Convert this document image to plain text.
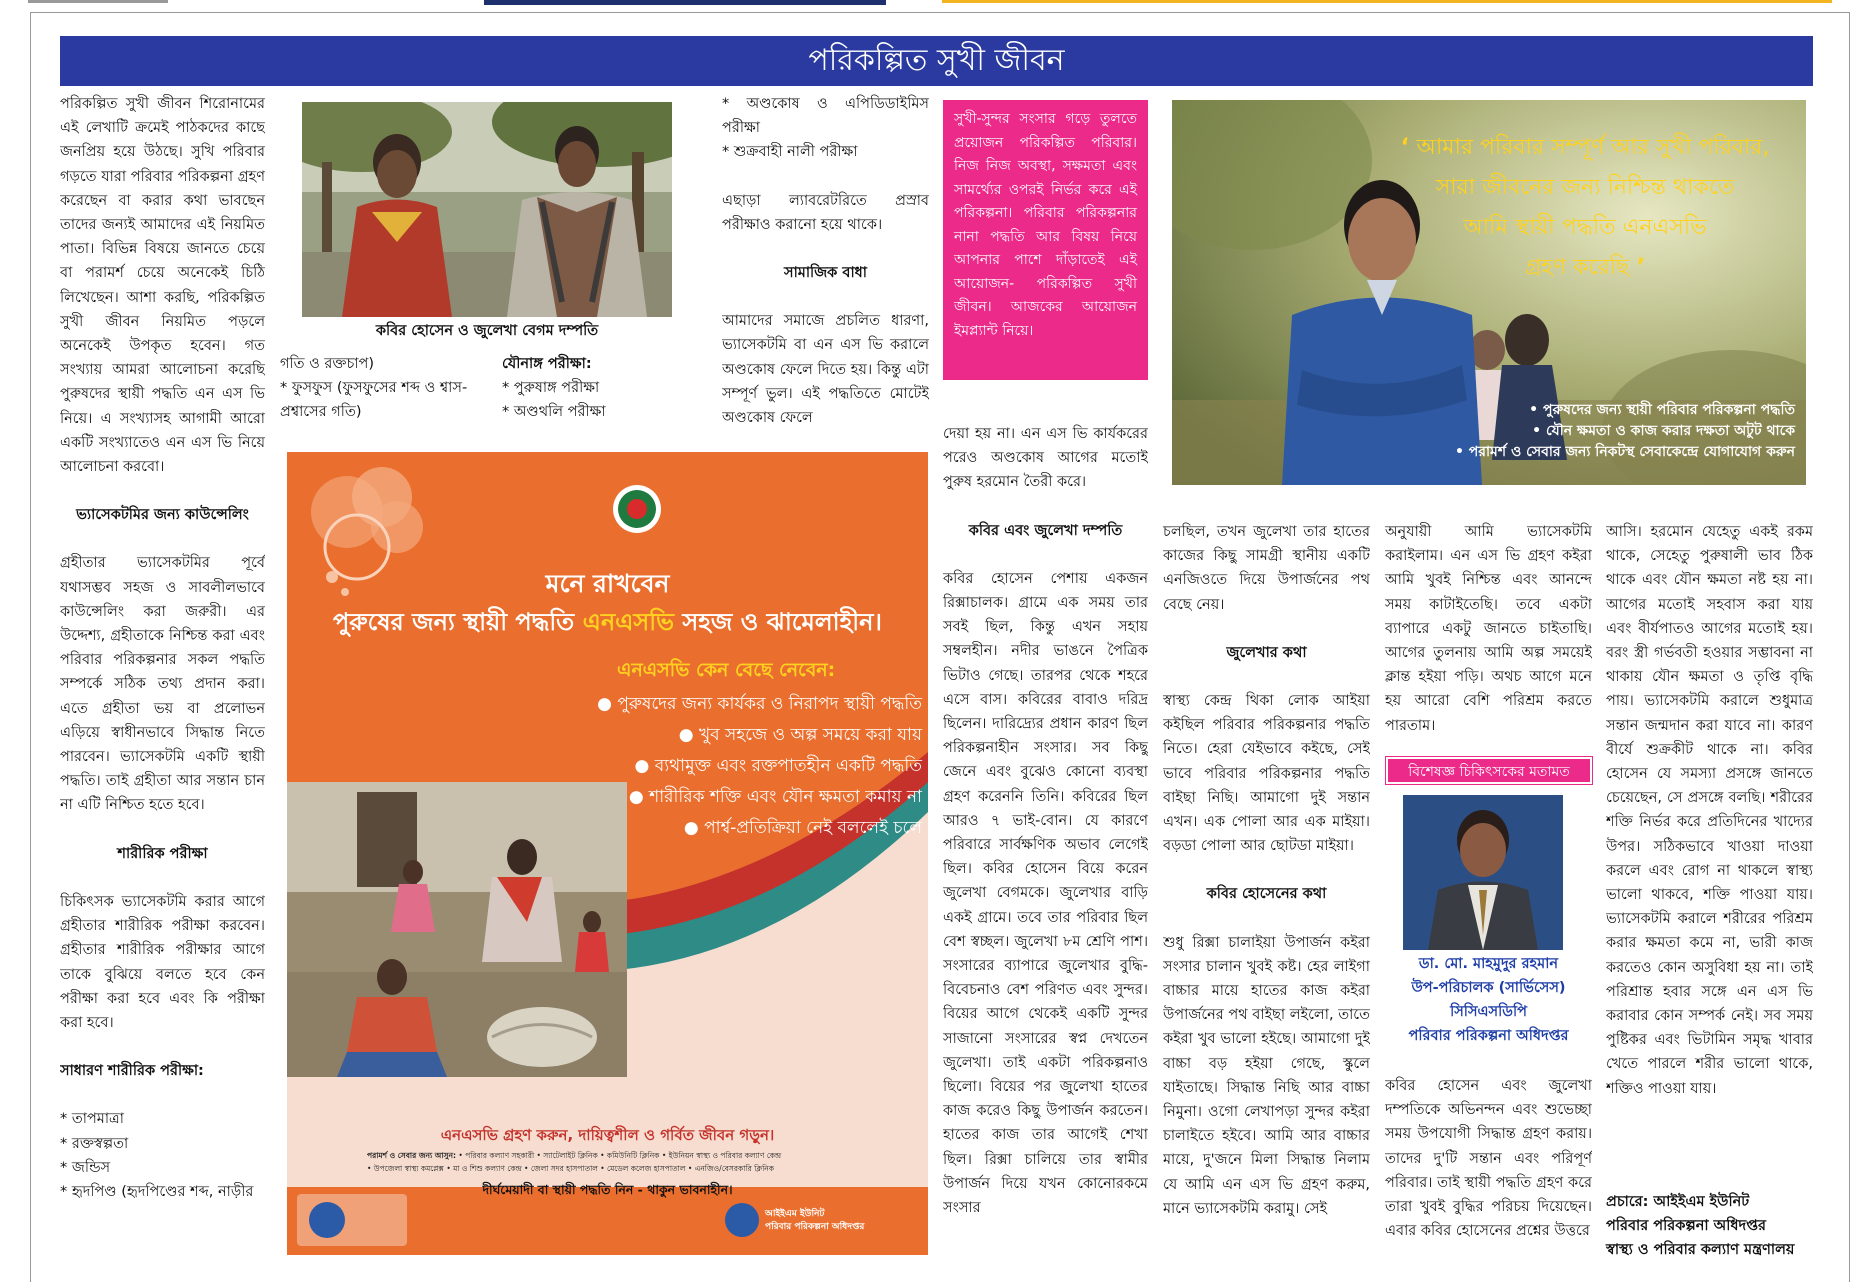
পরিকল্পিত সুখী জীবন

পরিকল্পিত সুখী জীবন শিরোনামের এই লেখাটি ক্রমেই পাঠকদের কাছে জনপ্রিয় হয়ে উঠছে। সুখি পরিবার গড়তে যারা পরিবার পরিকল্পনা গ্রহণ করেছেন বা করার কথা ভাবছেন তাদের জন্যই আমাদের এই নিয়মিত পাতা। বিভিন্ন বিষয়ে জানতে চেয়ে বা পরামর্শ চেয়ে অনেকেই চিঠি লিখেছেন। আশা করছি, পরিকল্পিত সুখী জীবন নিয়মিত পড়লে অনেকেই উপকৃত হবেন। গত সংখ্যায় আমরা আলোচনা করেছি পুরুষদের স্থায়ী পদ্ধতি এন এস ভি নিয়ে। এ সংখ্যাসহ আগামী আরো একটি সংখ্যাতেও এন এস ভি নিয়ে আলোচনা করবো।

ভ্যাসেকটমির জন্য কাউন্সেলিং

গ্রহীতার ভ্যাসেকটমির পূর্বে যথাসম্ভব সহজ ও সাবলীলভাবে কাউন্সেলিং করা জরুরী। এর উদ্দেশ্য, গ্রহীতাকে নিশ্চিন্ত করা এবং পরিবার পরিকল্পনার সকল পদ্ধতি সম্পর্কে সঠিক তথ্য প্রদান করা। এতে গ্রহীতা ভয় বা প্রলোভন এড়িয়ে স্বাধীনভাবে সিদ্ধান্ত নিতে পারবেন। ভ্যাসেকটমি একটি স্থায়ী পদ্ধতি। তাই গ্রহীতা আর সন্তান চান না এটি নিশ্চিত হতে হবে।

শারীরিক পরীক্ষা

চিকিৎসক ভ্যাসেকটমি করার আগে গ্রহীতার শারীরিক পরীক্ষা করবেন। গ্রহীতার শারীরিক পরীক্ষার আগে তাকে বুঝিয়ে বলতে হবে কেন পরীক্ষা করা হবে এবং কি পরীক্ষা করা হবে।

সাধারণ শারীরিক পরীক্ষা:

* তাপমাত্রা

* রক্তস্বল্পতা

* জন্ডিস

* হৃদপিণ্ড (হৃদপিণ্ডের শব্দ, নাড়ীর

কবির হোসেন ও জুলেখা বেগম দম্পতি
গতি ও রক্তচাপ)
* ফুসফুস (ফুসফুসের শব্দ ও শ্বাস-প্রশ্বাসের গতি)

যৌনাঙ্গ পরীক্ষা:

* পুরুষাঙ্গ পরীক্ষা

* অণ্ডথলি পরীক্ষা

* অণ্ডকোষ ও এপিডিডাইমিস পরীক্ষা

* শুক্রবাহী নালী পরীক্ষা

এছাড়া ল্যাবরেটরিতে প্রস্রাব পরীক্ষাও করানো হয়ে থাকে।

সামাজিক বাধা

আমাদের সমাজে প্রচলিত ধারণা, ভ্যাসেকটমি বা এন এস ভি করালে অণ্ডকোষ ফেলে দিতে হয়। কিন্তু এটা সম্পূর্ণ ভুল। এই পদ্ধতিতে মোটেই অণ্ডকোষ ফেলে

সুখী-সুন্দর সংসার গড়ে তুলতে প্রয়োজন পরিকল্পিত পরিবার। নিজ নিজ অবস্থা, সক্ষমতা এবং সামর্থ্যের ওপরই নির্ভর করে এই পরিকল্পনা। পরিবার পরিকল্পনার নানা পদ্ধতি আর বিষয় নিয়ে আপনার পাশে দাঁড়াতেই এই আয়োজন- পরিকল্পিত সুখী জীবন। আজকের আয়োজন ইমপ্ল্যান্ট নিয়ে।
‘ আমার পরিবার সম্পূর্ণ আর সুখী পরিবার,
সারা জীবনের জন্য নিশ্চিন্ত থাকতে
আমি স্থায়ী পদ্ধতি এনএসভি
গ্রহণ করেছি ’
• পুরুষদের জন্য স্থায়ী পরিবার পরিকল্পনা পদ্ধতি
• যৌন ক্ষমতা ও কাজ করার দক্ষতা অটুট থাকে
• পরামর্শ ও সেবার জন্য নিকটস্থ সেবাকেন্দ্রে যোগাযোগ করুন
মনে রাখবেন
পুরুষের জন্য স্থায়ী পদ্ধতি এনএসভি সহজ ও ঝামেলাহীন।
এনএসভি কেন বেছে নেবেন:
● পুরুষদের জন্য কার্যকর ও নিরাপদ স্থায়ী পদ্ধতি
● খুব সহজে ও অল্প সময়ে করা যায়
● ব্যথামুক্ত এবং রক্তপাতহীন একটি পদ্ধতি
● শারীরিক শক্তি এবং যৌন ক্ষমতা কমায় না
● পার্শ্ব-প্রতিক্রিয়া নেই বললেই চলে
এনএসভি গ্রহণ করুন, দায়িত্বশীল ও গর্বিত জীবন গড়ুন।
পরামর্শ ও সেবার জন্য আসুন: • পরিবার কল্যাণ সহকারী • স্যাটেলাইট ক্লিনিক • কমিউনিটি ক্লিনিক • ইউনিয়ন স্বাস্থ্য ও পরিবার কল্যাণ কেন্দ্র
• উপজেলা স্বাস্থ্য কমপ্লেক্স • মা ও শিশু কল্যাণ কেন্দ্র • জেলা সদর হাসপাতাল • মেডেল কলেজ হাসপাতাল • এনজিও/বেসরকারি ক্লিনিক
দীর্ঘমেয়াদী বা স্থায়ী পদ্ধতি নিন - থাকুন ভাবনাহীন।
আইইএম ইউনিট
পরিবার পরিকল্পনা অধিদপ্তর

দেয়া হয় না। এন এস ভি কার্যকরের পরেও অণ্ডকোষ আগের মতোই পুরুষ হরমোন তৈরী করে।

কবির এবং জুলেখা দম্পতি

কবির হোসেন পেশায় একজন রিক্সাচালক। গ্রামে এক সময় তার সবই ছিল, কিন্তু এখন সহায় সম্বলহীন। নদীর ভাঙনে পৈত্রিক ভিটাও গেছে। তারপর থেকে শহরে এসে বাস। কবিরের বাবাও দরিদ্র ছিলেন। দারিদ্র্যের প্রধান কারণ ছিল পরিকল্পনাহীন সংসার। সব কিছু জেনে এবং বুঝেও কোনো ব্যবস্থা গ্রহণ করেননি তিনি। কবিরের ছিল আরও ৭ ভাই-বোন। যে কারণে পরিবারে সার্বক্ষণিক অভাব লেগেই ছিল। কবির হোসেন বিয়ে করেন জুলেখা বেগমকে। জুলেখার বাড়ি একই গ্রামে। তবে তার পরিবার ছিল বেশ স্বচ্ছল। জুলেখা ৮ম শ্রেণি পাশ। সংসারের ব্যাপারে জুলেখার বুদ্ধি-বিবেচনাও বেশ পরিণত এবং সুন্দর। বিয়ের আগে থেকেই একটি সুন্দর সাজানো সংসারের স্বপ্ন দেখতেন জুলেখা। তাই একটা পরিকল্পনাও ছিলো। বিয়ের পর জুলেখা হাতের কাজ করেও কিছু উপার্জন করতেন। হাতের কাজ তার আগেই শেখা ছিল। রিক্সা চালিয়ে তার স্বামীর উপার্জন দিয়ে যখন কোনোরকমে সংসার

চলছিল, তখন জুলেখা তার হাতের কাজের কিছু সামগ্রী স্থানীয় একটি এনজিওতে দিয়ে উপার্জনের পথ বেছে নেয়।

জুলেখার কথা

স্বাস্থ্য কেন্দ্র থিকা লোক আইয়া কইছিল পরিবার পরিকল্পনার পদ্ধতি নিতে। হেরা যেইভাবে কইছে, সেই ভাবে পরিবার পরিকল্পনার পদ্ধতি বাইছা নিছি। আমাগো দুই সন্তান এখন। এক পোলা আর এক মাইয়া। বড়ডা পোলা আর ছোটডা মাইয়া।

কবির হোসেনের কথা

শুধু রিক্সা চালাইয়া উপার্জন কইরা সংসার চালান খুবই কষ্ট। হের লাইগা বাচ্চার মায়ে হাতের কাজ কইরা উপার্জনের পথ বাইছা লইলো, তাতে কইরা খুব ভালো হইছে। আমাগো দুই বাচ্চা বড় হইয়া গেছে, স্কুলে যাইতাছে। সিদ্ধান্ত নিছি আর বাচ্চা নিমুনা। ওগো লেখাপড়া সুন্দর কইরা চালাইতে হইবে। আমি আর বাচ্চার মায়ে, দু'জনে মিলা সিদ্ধান্ত নিলাম যে আমি এন এস ভি গ্রহণ করুম, মানে ভ্যাসেকটমি করামু। সেই

অনুযায়ী আমি ভ্যাসেকটমি করাইলাম। এন এস ভি গ্রহণ কইরা আমি খুবই নিশ্চিন্ত এবং আনন্দে সময় কাটাইতেছি। তবে একটা ব্যাপারে একটু জানতে চাইতাছি। আগের তুলনায় আমি অল্প সময়েই ক্লান্ত হইয়া পড়ি। অথচ আগে মনে হয় আরো বেশি পরিশ্রম করতে পারতাম।

বিশেষজ্ঞ চিকিৎসকের মতামত
ডা. মো. মাহমুদুর রহমান
উপ-পরিচালক (সার্ভিসেস)
সিসিএসডিপি
পরিবার পরিকল্পনা অধিদপ্তর

কবির হোসেন এবং জুলেখা দম্পতিকে অভিনন্দন এবং শুভেচ্ছা সময় উপযোগী সিদ্ধান্ত গ্রহণ করায়। তাদের দু'টি সন্তান এবং পরিপূর্ণ পরিবার। তাই স্থায়ী পদ্ধতি গ্রহণ করে তারা খুবই বুদ্ধির পরিচয় দিয়েছেন। এবার কবির হোসেনের প্রশ্নের উত্তরে

আসি। হরমোন যেহেতু একই রকম থাকে, সেহেতু পুরুষালী ভাব ঠিক থাকে এবং যৌন ক্ষমতা নষ্ট হয় না। আগের মতোই সহবাস করা যায় এবং বীর্যপাতও আগের মতোই হয়। বরং স্ত্রী গর্ভবতী হওয়ার সম্ভাবনা না থাকায় যৌন ক্ষমতা ও তৃপ্তি বৃদ্ধি পায়। ভ্যাসেকটমি করালে শুধুমাত্র সন্তান জন্মদান করা যাবে না। কারণ বীর্যে শুক্রকীট থাকে না। কবির হোসেন যে সমস্যা প্রসঙ্গে জানতে চেয়েছেন, সে প্রসঙ্গে বলছি। শরীরের শক্তি নির্ভর করে প্রতিদিনের খাদ্যের উপর। সঠিকভাবে খাওয়া দাওয়া করলে এবং রোগ না থাকলে স্বাস্থ্য ভালো থাকবে, শক্তি পাওয়া যায়। ভ্যাসেকটমি করালে শরীরের পরিশ্রম করার ক্ষমতা কমে না, ভারী কাজ করতেও কোন অসুবিধা হয় না। তাই পরিশ্রান্ত হবার সঙ্গে এন এস ভি করাবার কোন সম্পর্ক নেই। সব সময় পুষ্টিকর এবং ভিটামিন সমৃদ্ধ খাবার খেতে পারলে শরীর ভালো থাকে, শক্তিও পাওয়া যায়।

প্রচারে: আইইএম ইউনিট
পরিবার পরিকল্পনা অধিদপ্তর
স্বাস্থ্য ও পরিবার কল্যাণ মন্ত্রণালয়
